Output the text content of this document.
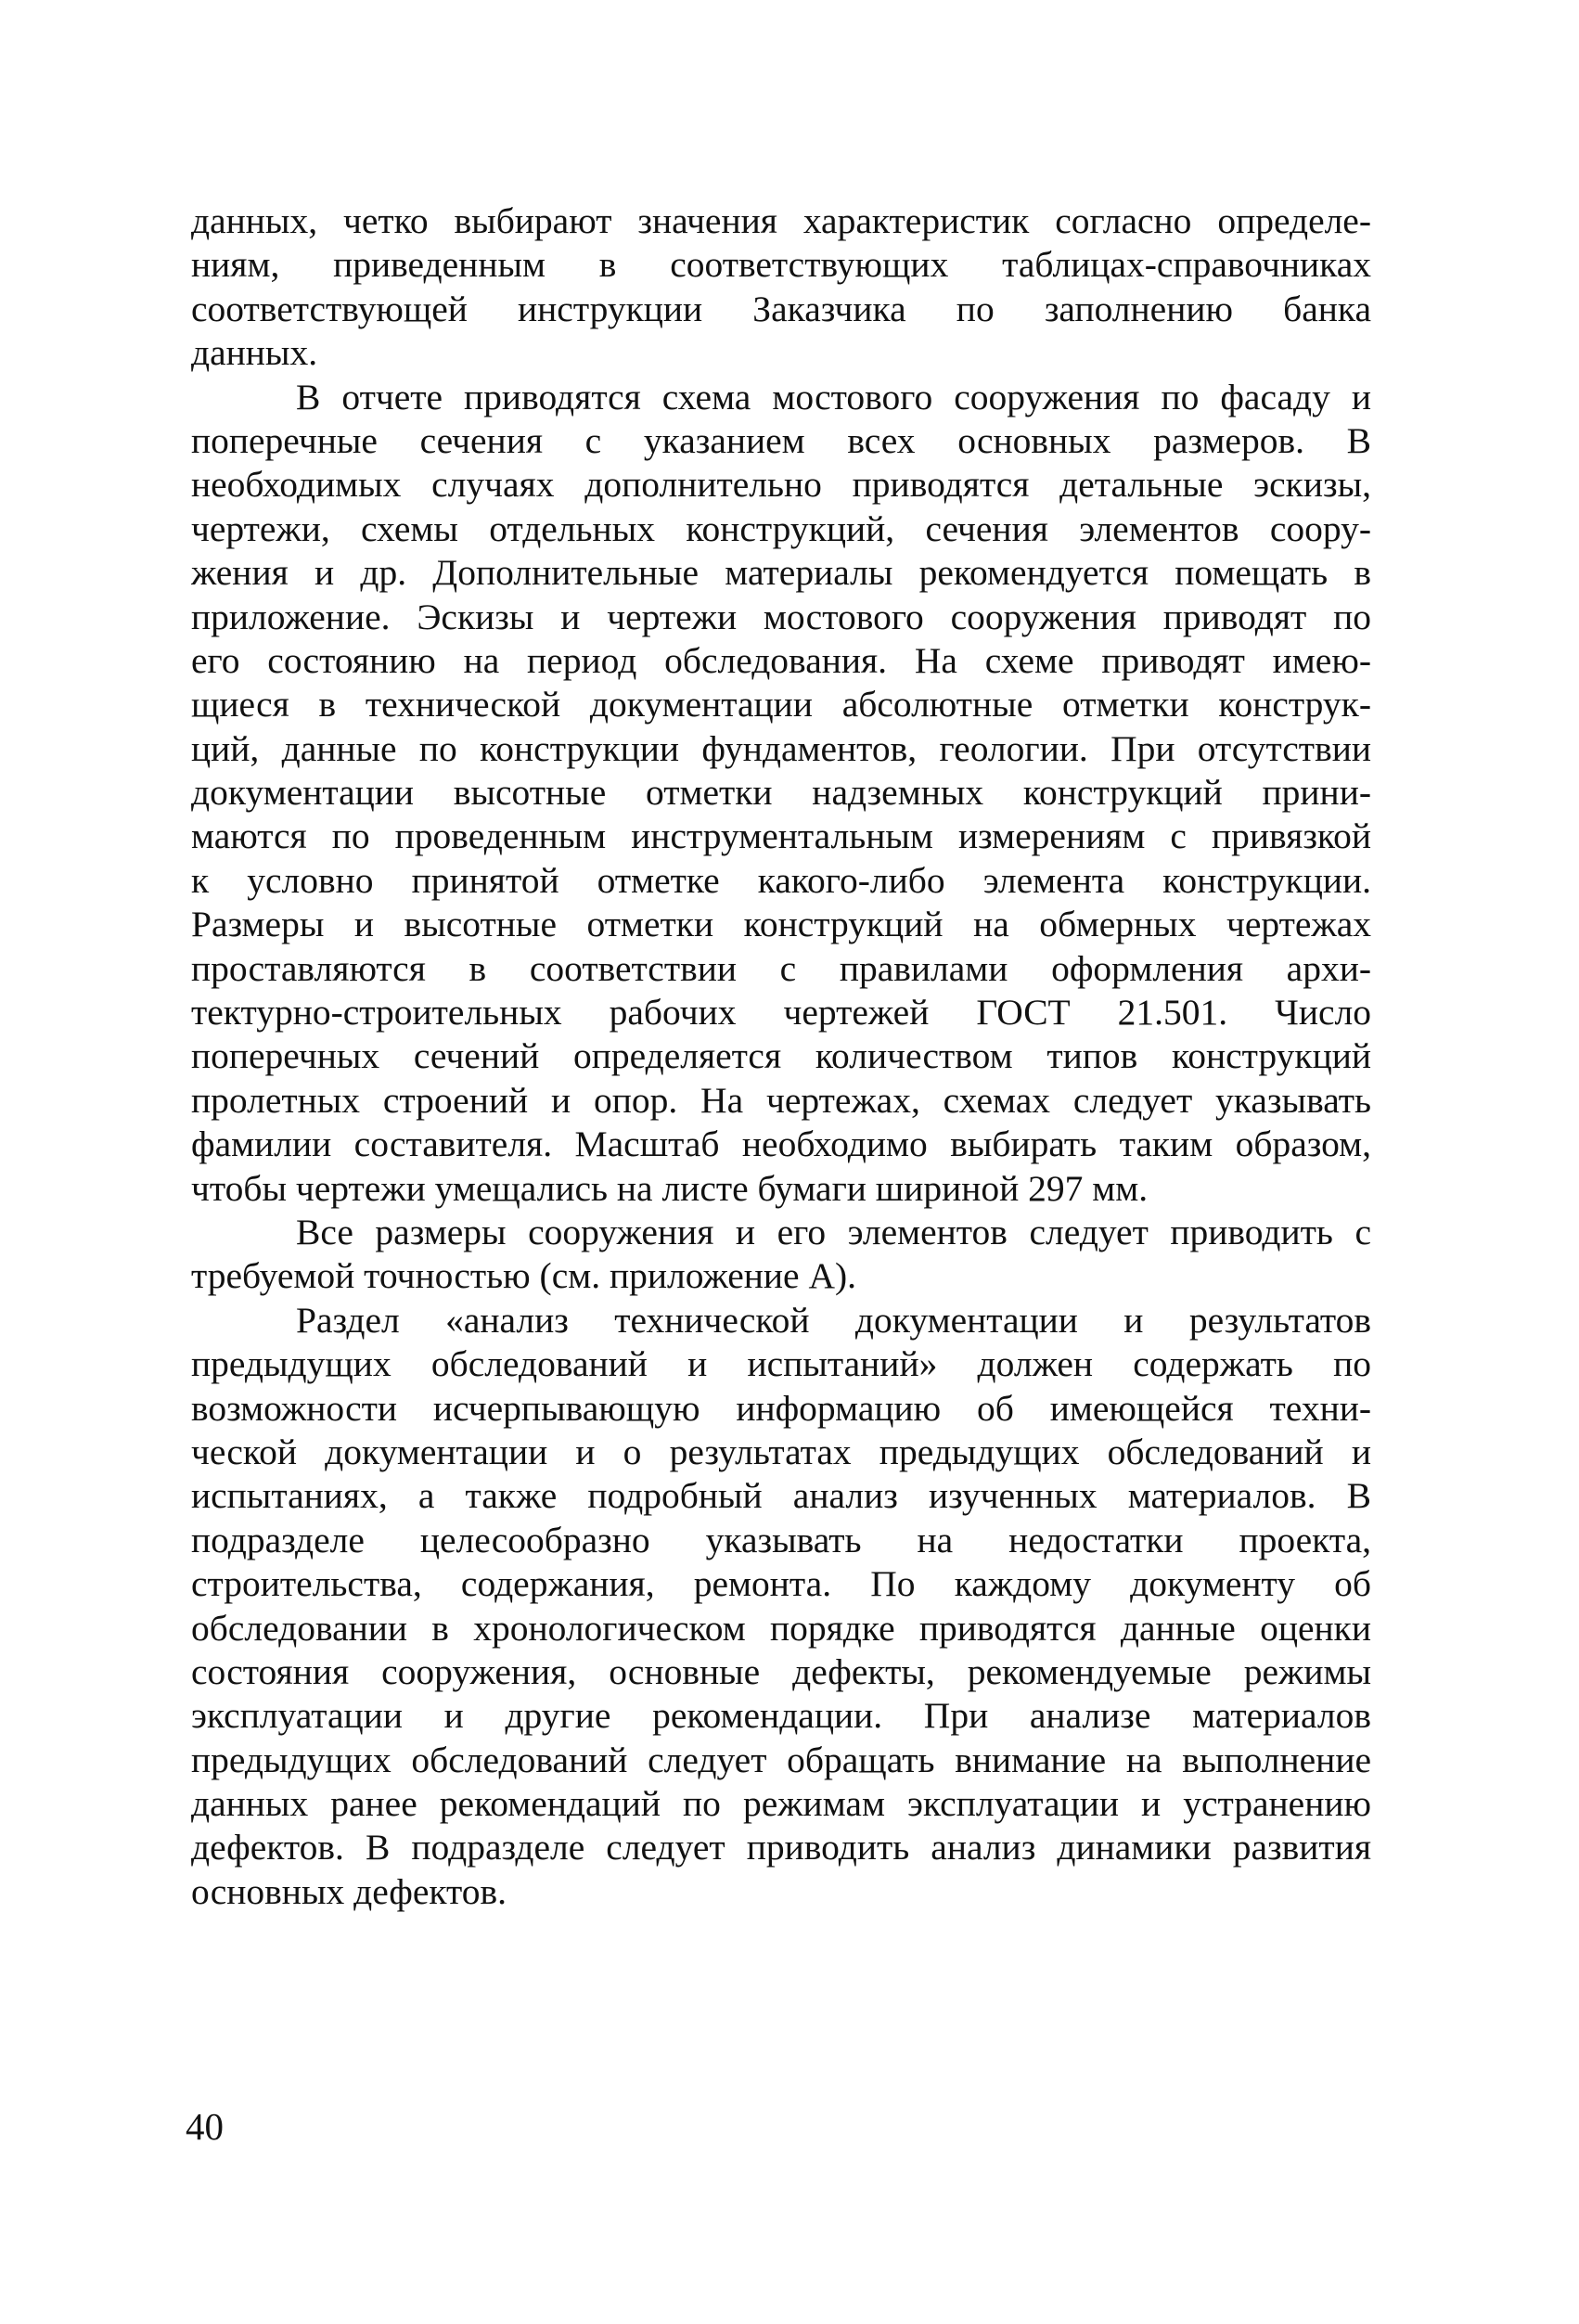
данных, четко выбирают значения характеристик согласно определе-
ниям, приведенным в соответствующих таблицах-справочниках
соответствующей инструкции Заказчика по заполнению банка
данных.
В отчете приводятся схема мостового сооружения по фасаду и
поперечные сечения с указанием всех основных размеров. В
необходимых случаях дополнительно приводятся детальные эскизы,
чертежи, схемы отдельных конструкций, сечения элементов соору-
жения и др. Дополнительные материалы рекомендуется помещать в
приложение. Эскизы и чертежи мостового сооружения приводят по
его состоянию на период обследования. На схеме приводят имею-
щиеся в технической документации абсолютные отметки конструк-
ций, данные по конструкции фундаментов, геологии. При отсутствии
документации высотные отметки надземных конструкций прини-
маются по проведенным инструментальным измерениям с привязкой
к условно принятой отметке какого-либо элемента конструкции.
Размеры и высотные отметки конструкций на обмерных чертежах
проставляются в соответствии с правилами оформления архи-
тектурно-строительных рабочих чертежей ГОСТ 21.501. Число
поперечных сечений определяется количеством типов конструкций
пролетных строений и опор. На чертежах, схемах следует указывать
фамилии составителя. Масштаб необходимо выбирать таким образом,
чтобы чертежи умещались на листе бумаги шириной 297 мм.
Все размеры сооружения и его элементов следует приводить с
требуемой точностью (см. приложение А).
Раздел «анализ технической документации и результатов
предыдущих обследований и испытаний» должен содержать по
возможности исчерпывающую информацию об имеющейся техни-
ческой документации и о результатах предыдущих обследований и
испытаниях, а также подробный анализ изученных материалов. В
подразделе целесообразно указывать на недостатки проекта,
строительства, содержания, ремонта. По каждому документу об
обследовании в хронологическом порядке приводятся данные оценки
состояния сооружения, основные дефекты, рекомендуемые режимы
эксплуатации и другие рекомендации. При анализе материалов
предыдущих обследований следует обращать внимание на выполнение
данных ранее рекомендаций по режимам эксплуатации и устранению
дефектов. В подразделе следует приводить анализ динамики развития
основных дефектов.
40
